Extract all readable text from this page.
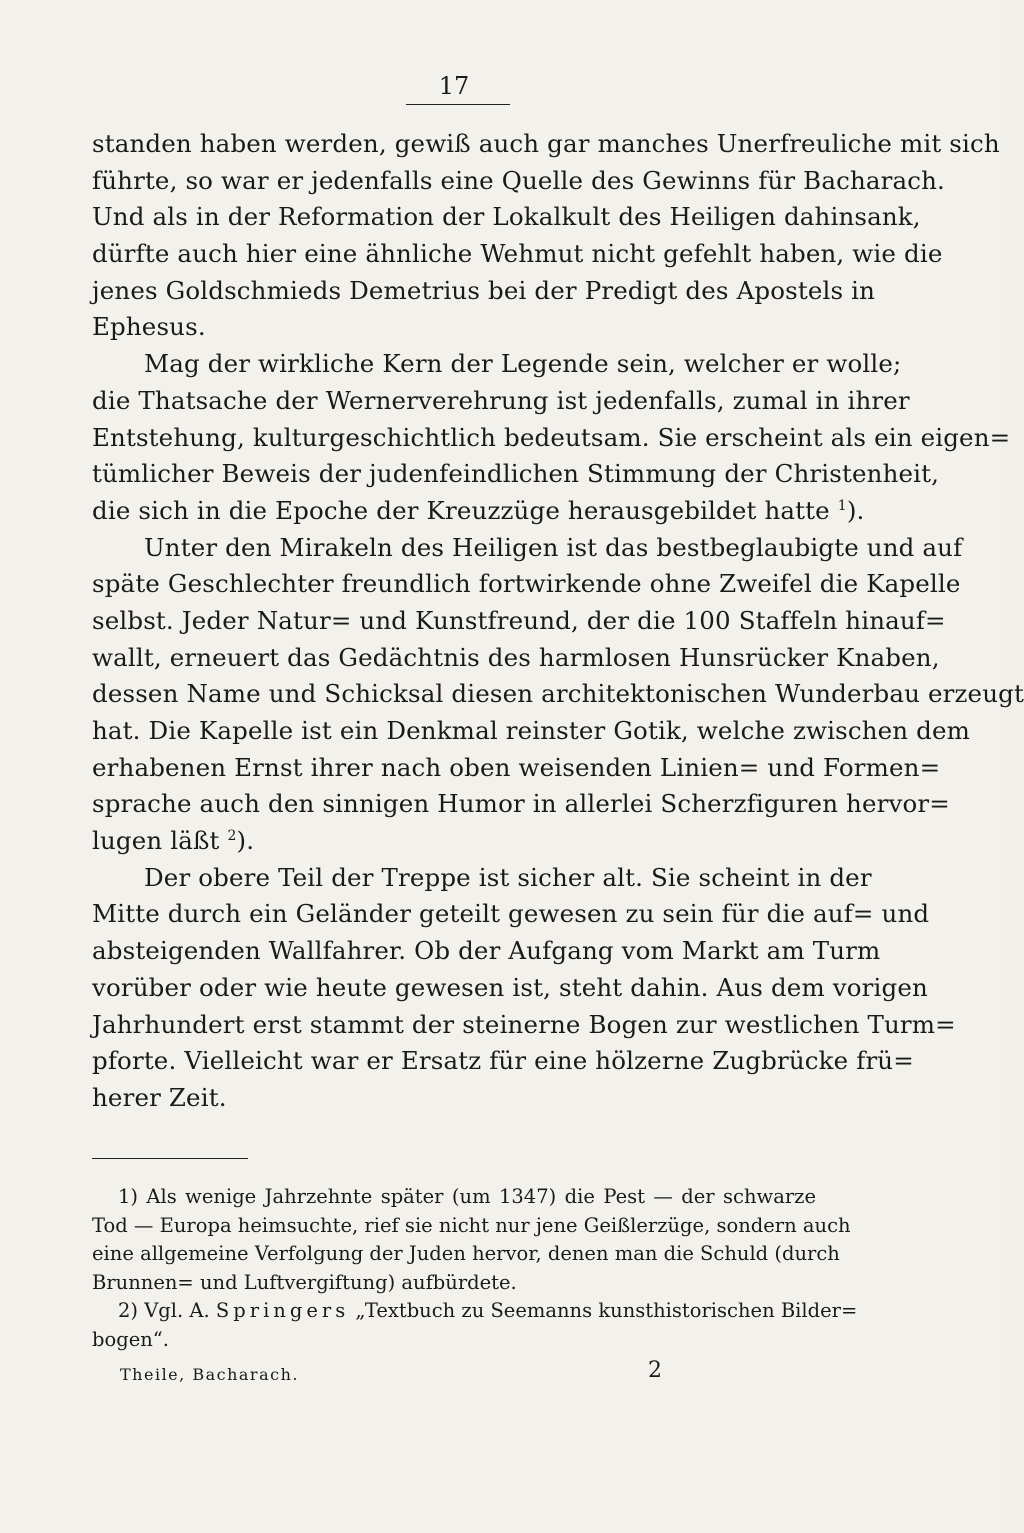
17
standen haben werden, gewiß auch gar manches Unerfreuliche mit sich
führte, so war er jedenfalls eine Quelle des Gewinns für Bacharach.
Und als in der Reformation der Lokalkult des Heiligen dahinsank,
dürfte auch hier eine ähnliche Wehmut nicht gefehlt haben, wie die
jenes Goldschmieds Demetrius bei der Predigt des Apostels in
Ephesus.
Mag der wirkliche Kern der Legende sein, welcher er wolle;
die Thatsache der Wernerverehrung ist jedenfalls, zumal in ihrer
Entstehung, kulturgeschichtlich bedeutsam. Sie erscheint als ein eigen=
tümlicher Beweis der judenfeindlichen Stimmung der Christenheit,
die sich in die Epoche der Kreuzzüge herausgebildet hatte $^1$).
Unter den Mirakeln des Heiligen ist das bestbeglaubigte und auf
späte Geschlechter freundlich fortwirkende ohne Zweifel die Kapelle
selbst. Jeder Natur= und Kunstfreund, der die 100 Staffeln hinauf=
wallt, erneuert das Gedächtnis des harmlosen Hunsrücker Knaben,
dessen Name und Schicksal diesen architektonischen Wunderbau erzeugt
hat. Die Kapelle ist ein Denkmal reinster Gotik, welche zwischen dem
erhabenen Ernst ihrer nach oben weisenden Linien= und Formen=
sprache auch den sinnigen Humor in allerlei Scherzfiguren hervor=
lugen läßt $^2$).
Der obere Teil der Treppe ist sicher alt. Sie scheint in der
Mitte durch ein Geländer geteilt gewesen zu sein für die auf= und
absteigenden Wallfahrer. Ob der Aufgang vom Markt am Turm
vorüber oder wie heute gewesen ist, steht dahin. Aus dem vorigen
Jahrhundert erst stammt der steinerne Bogen zur westlichen Turm=
pforte. Vielleicht war er Ersatz für eine hölzerne Zugbrücke frü=
herer Zeit.
1) Als wenige Jahrzehnte später (um 1347) die Pest — der schwarze
Tod — Europa heimsuchte, rief sie nicht nur jene Geißlerzüge, sondern auch
eine allgemeine Verfolgung der Juden hervor, denen man die Schuld (durch
Brunnen= und Luftvergiftung) aufbürdete.
2) Vgl. A. Springers „Textbuch zu Seemanns kunsthistorischen Bilder=
bogen“.
Theile, Bacharach.	2
